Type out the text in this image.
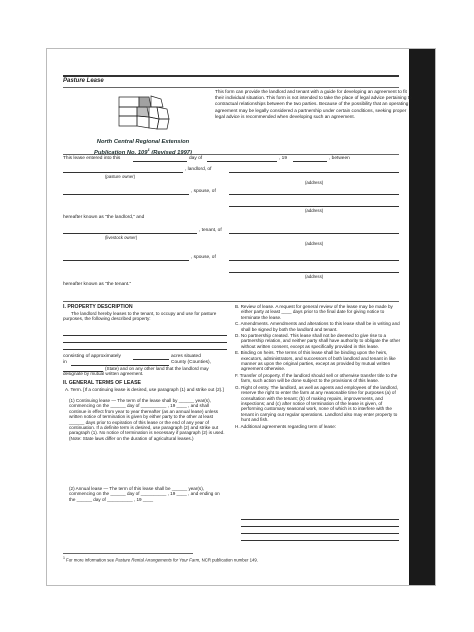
Pasture Lease
North Central Regional Extension
Publication No. $109^1$ (Revised 1997)
This form can provide the landlord and tenant with a guide for developing an agreement to fit their individual situation. This form is not intended to take the place of legal advice pertaining to contractual relationships between the two parties. Because of the possibility that an operating agreement may be legally considered a partnership under certain conditions, seeking proper legal advice is recommended when developing such an agreement.
This lease entered into this	day of	, 19	, between
, landlord, of
(pasture owner)
(address)
, spouse, of
(address)
hereafter known as "the landlord," and
, tenant, of
(livestock owner)
(address)
, spouse, of
(address)
hereafter known as "the tenant."
I. PROPERTY DESCRIPTION
The landlord hereby leases to the tenant, to occupy and use for pasture purposes, the following described property:
consisting of approximately	acres situated
in	County (Counties),
(State) and on any other land that the landlord may designate by mutual written agreement.
II. GENERAL TERMS OF LEASE
A. Term. [If a continuing lease is desired, use paragraph (1) and strike out (2).]
(1) Continuing lease — The term of the lease shall by ______ year(s), commencing on the ______ day of __________ , 19 ____ , and shall continue in effect from year to year thereafter (as an annual lease) unless written notice of termination is given by either party to the other at least ______ days prior to expiration of this lease or the end of any year of continuation. If a definite term is desired, use paragraph (2) and strike out paragraph (1). No notice of termination is necessary if paragraph (2) is used. (Note: State laws differ on the duration of agricultural leases.)
(2) Annual lease — The term of this lease shall be ______ year(s), commencing on the ______ day of __________ , 19 ____ , and ending on the ______ day of __________ , 19 ____
B. Review of lease. A request for general review of the lease may be made by either party at least ____ days prior to the final date for giving notice to terminate the lease.
C. Amendments. Amendments and alterations to this lease shall be in writing and shall be signed by both the landlord and tenant.
D. No partnership created. This lease shall not be deemed to give rise to a partnership relation, and neither party shall have authority to obligate the other without written consent, except as specifically provided in this lease.
E. Binding on heirs. The terms of this lease shall be binding upon the heirs, executors, administrators, and successors of both landlord and tenant in like manner as upon the original parties, except as provided by mutual written agreement otherwise.
F. Transfer of property. If the landlord should sell or otherwise transfer title to the farm, such action will be done subject to the provisions of this lease.
G. Right of entry. The landlord, as well as agents and employees of the landlord, reserve the right to enter the farm at any reasonable time for purposes (a) of consultation with the tenant; (b) of making repairs, improvements, and inspections; and (c) after notice of termination of the lease is given, of performing customary seasonal work, none of which is to interfere with the tenant in carrying out regular operations. Landlord also may enter property to hunt and fish.
H. Additional agreements regarding term of lease:
$^1$ For more information see Pasture Rental Arrangements for Your Farm, NCR publication number 149.
